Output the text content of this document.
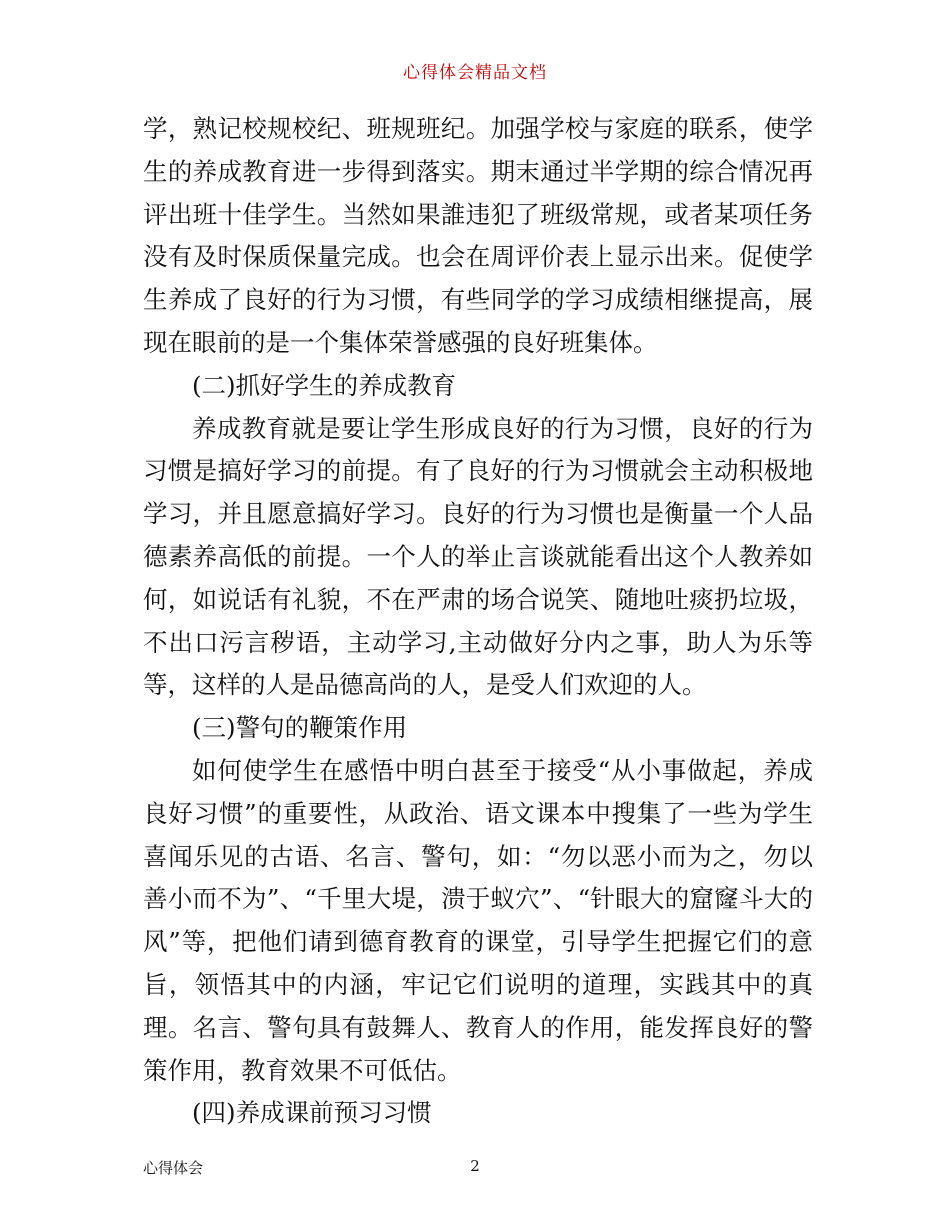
心得体会精品文档

学，熟记校规校纪、班规班纪。加强学校与家庭的联系，使学生的养成教育进一步得到落实。期末通过半学期的综合情况再评出班十佳学生。当然如果誰违犯了班级常规，或者某项任务没有及时保质保量完成。也会在周评价表上显示出来。促使学生养成了良好的行为习惯，有些同学的学习成绩相继提高，展现在眼前的是一个集体荣誉感强的良好班集体。

(二)抓好学生的养成教育

养成教育就是要让学生形成良好的行为习惯，良好的行为习惯是搞好学习的前提。有了良好的行为习惯就会主动积极地学习，并且愿意搞好学习。良好的行为习惯也是衡量一个人品德素养高低的前提。一个人的举止言谈就能看出这个人教养如何，如说话有礼貌，不在严肃的场合说笑、随地吐痰扔垃圾，不出口污言秽语，主动学习,主动做好分内之事，助人为乐等等，这样的人是品德高尚的人，是受人们欢迎的人。

(三)警句的鞭策作用

如何使学生在感悟中明白甚至于接受“从小事做起，养成良好习惯”的重要性，从政治、语文课本中搜集了一些为学生喜闻乐见的古语、名言、警句，如：“勿以恶小而为之，勿以善小而不为”、“千里大堤，溃于蚁穴”、“针眼大的窟窿斗大的风”等，把他们请到德育教育的课堂，引导学生把握它们的意旨，领悟其中的内涵，牢记它们说明的道理，实践其中的真理。名言、警句具有鼓舞人、教育人的作用，能发挥良好的警策作用，教育效果不可低估。

(四)养成课前预习习惯

心得体会	2
